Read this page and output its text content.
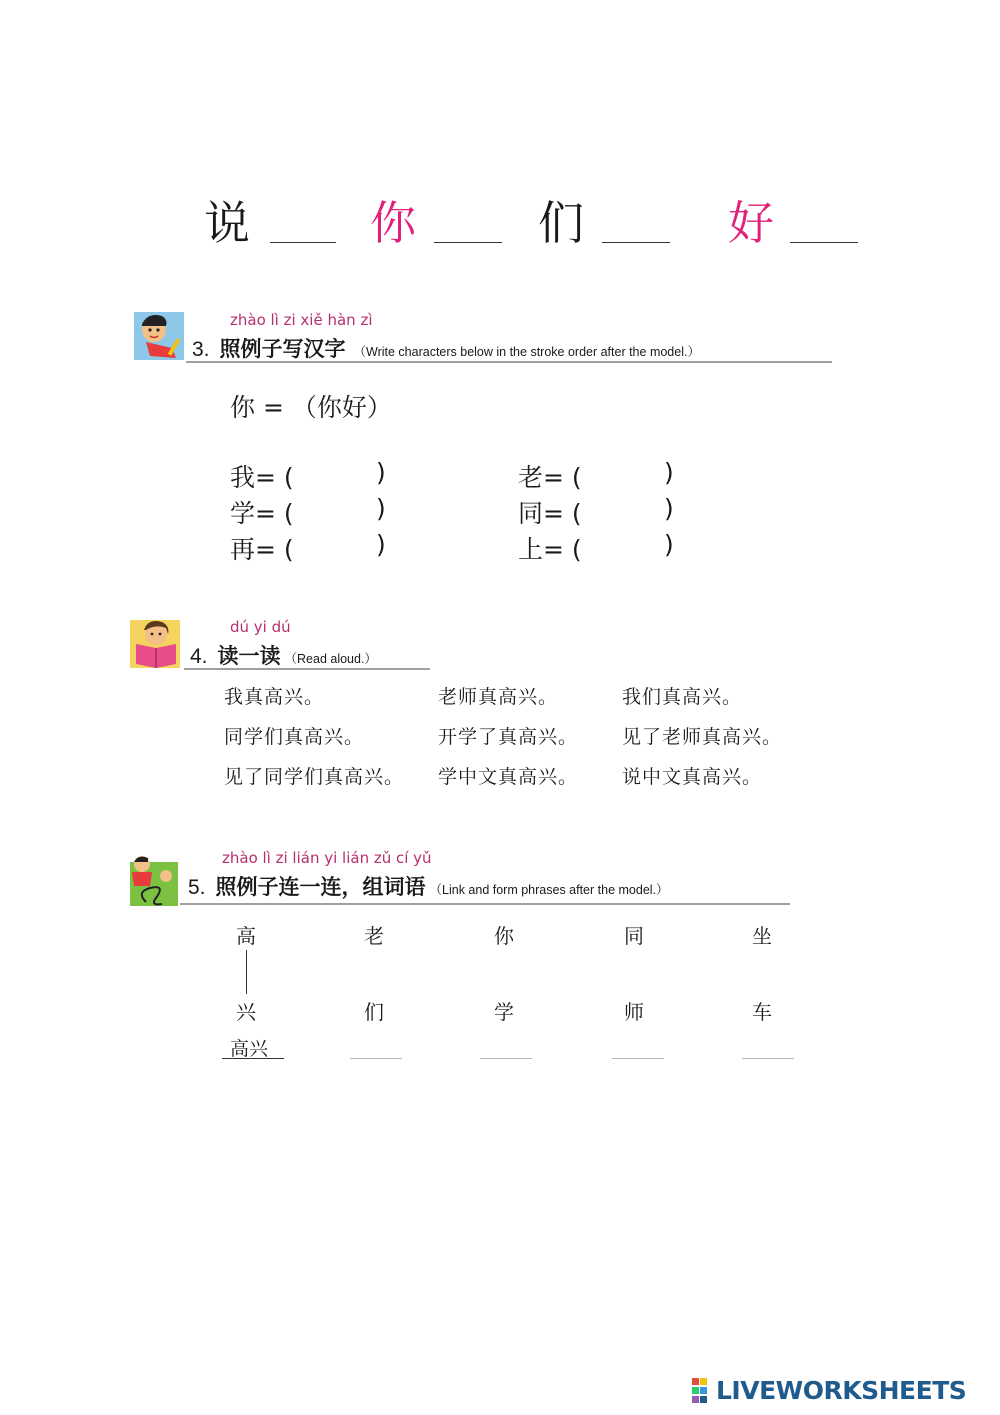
说	你	们	好
zhào lì zi xiě hàn zì
3. 照例子写汉字 （Write characters below in the stroke order after the model.）
你 = （你好）
我= (	)
学= (	)
再= (	)
老= (	)
同= (	)
上= (	)
dú yi dú
4. 读一读 （Read aloud.）
我真高兴。	老师真高兴。	我们真高兴。
同学们真高兴。	开学了真高兴。 见了老师真高兴。
见了同学们真高兴。 学中文真高兴。 说中文真高兴。
zhào lì zi lián yi lián zǔ cí yǔ
5. 照例子连一连，组词语 （Link and form phrases after the model.）
高	老	你	同	坐
兴	们	学	师	车
高兴
LIVEWORKSHEETS
